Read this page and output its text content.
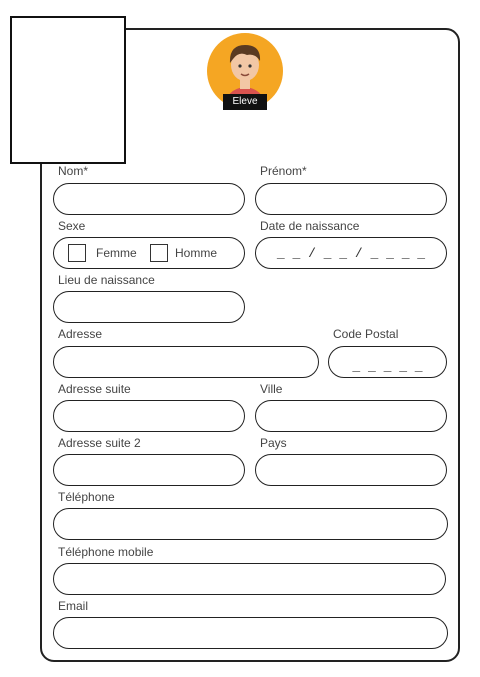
Eleve
Nom*	Prénom*
Sexe
Femme	Homme
Date de naissance
_ _ / _ _ / _ _ _ _
Lieu de naissance
Adresse	Code Postal
_ _ _ _ _
Adresse suite	Ville
Adresse suite 2	Pays
Téléphone
Téléphone mobile
Email
